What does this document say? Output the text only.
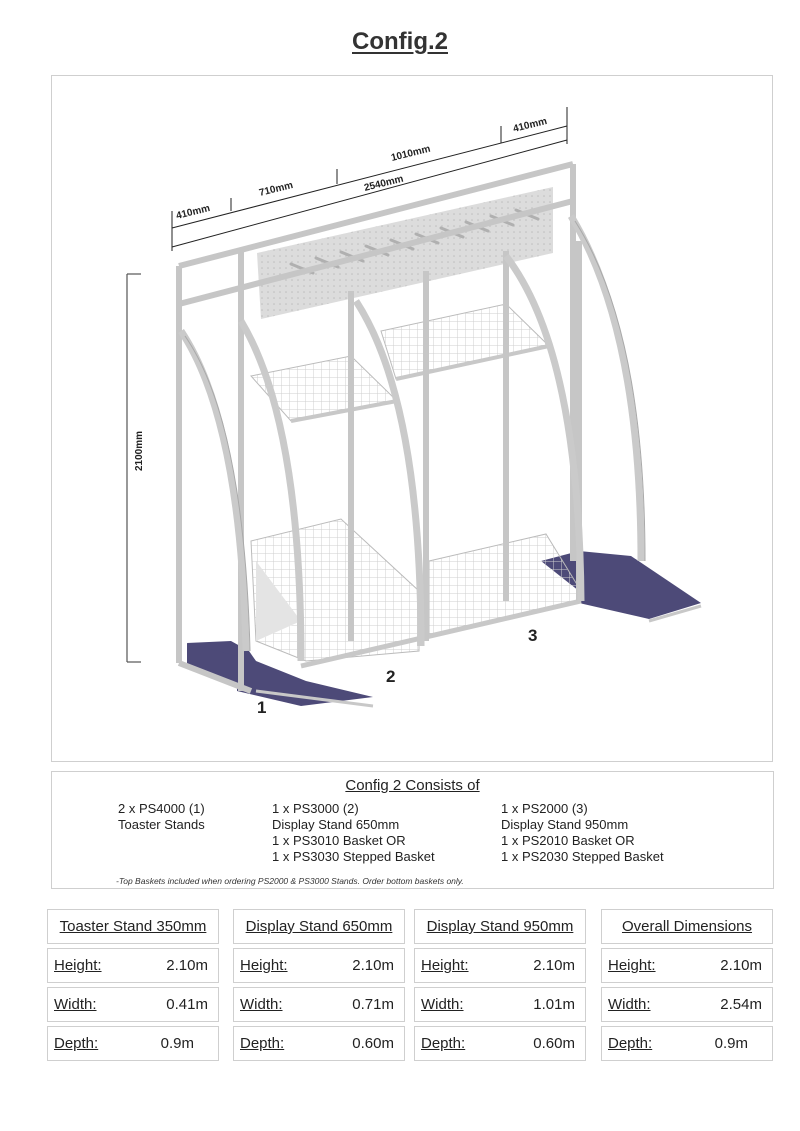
Config.2
410mm
710mm
1010mm
410mm
2540mm
2100mm
1
2
3
Config 2 Consists of
2 x PS4000 (1)
Toaster Stands
1 x PS3000 (2)
Display Stand 650mm
1 x PS3010 Basket OR
1 x PS3030 Stepped Basket
1 x PS2000 (3)
Display Stand 950mm
1 x PS2010 Basket OR
1 x PS2030 Stepped Basket
-Top Baskets included when ordering PS2000 & PS3000 Stands. Order bottom baskets only.
Toaster Stand 350mm
Height:	2.10m
Width:	0.41m
Depth:	0.9m
Display Stand 650mm
Height:	2.10m
Width:	0.71m
Depth:	0.60m
Display Stand 950mm
Height:	2.10m
Width:	1.01m
Depth:	0.60m
Overall Dimensions
Height:	2.10m
Width:	2.54m
Depth:	0.9m
